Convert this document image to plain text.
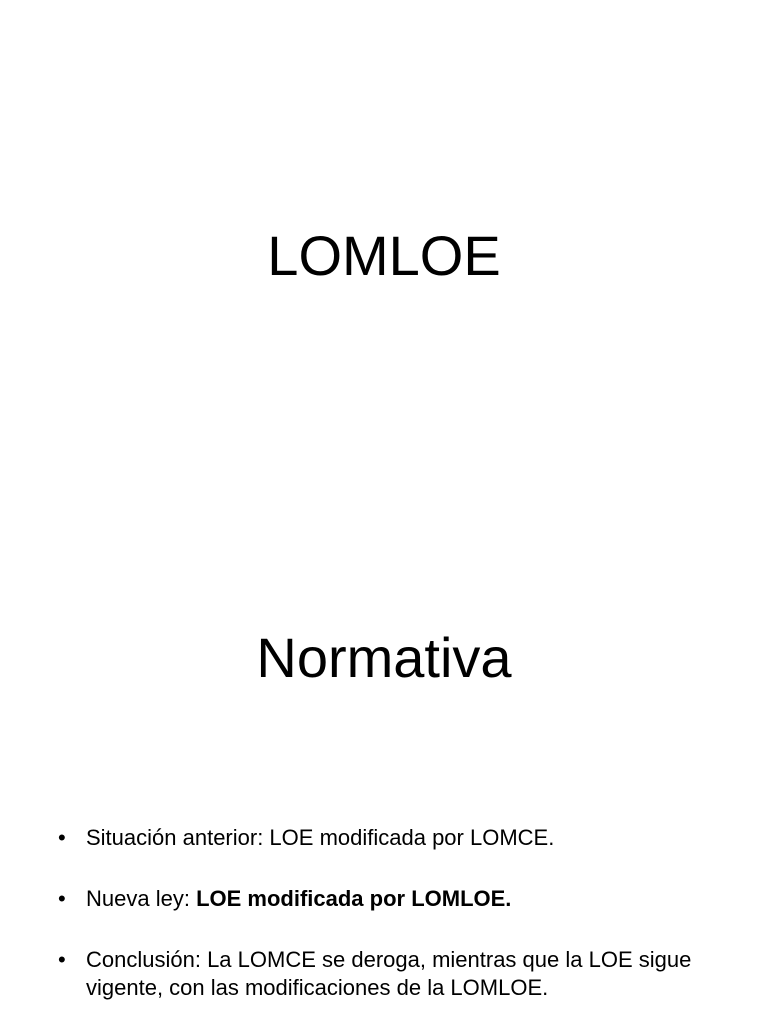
LOMLOE
Normativa
• Situación anterior: LOE modificada por LOMCE.
• Nueva ley: LOE modificada por LOMLOE.
• Conclusión: La LOMCE se deroga, mientras que la LOE sigue vigente, con las modificaciones de la LOMLOE.
